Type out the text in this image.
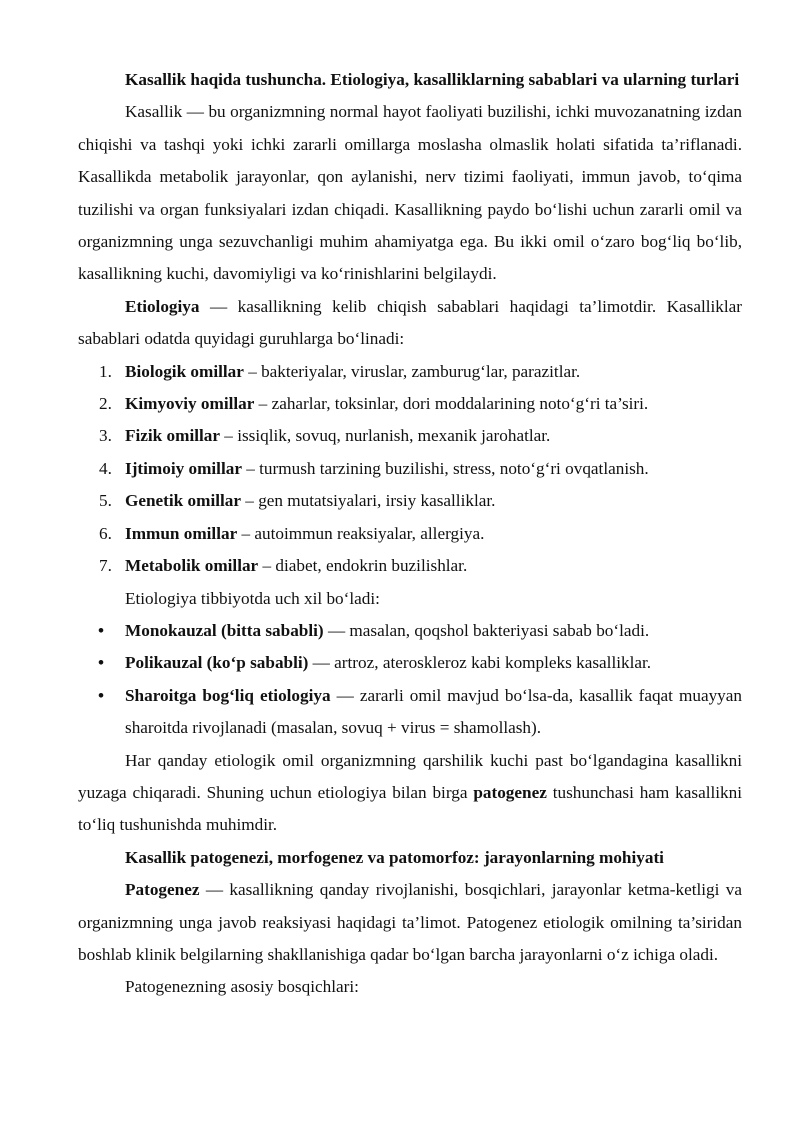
Kasallik haqida tushuncha. Etiologiya, kasalliklarning sabablari va ularning turlari

Kasallik — bu organizmning normal hayot faoliyati buzilishi, ichki muvozanatning izdan chiqishi va tashqi yoki ichki zararli omillarga moslasha olmaslik holati sifatida ta’riflanadi. Kasallikda metabolik jarayonlar, qon aylanishi, nerv tizimi faoliyati, immun javob, to‘qima tuzilishi va organ funksiyalari izdan chiqadi. Kasallikning paydo bo‘lishi uchun zararli omil va organizmning unga sezuvchanligi muhim ahamiyatga ega. Bu ikki omil o‘zaro bog‘liq bo‘lib, kasallikning kuchi, davomiyligi va ko‘rinishlarini belgilaydi.

Etiologiya — kasallikning kelib chiqish sabablari haqidagi ta’limotdir. Kasalliklar sabablari odatda quyidagi guruhlarga bo‘linadi:

1. Biologik omillar – bakteriyalar, viruslar, zamburug‘lar, parazitlar.
2. Kimyoviy omillar – zaharlar, toksinlar, dori moddalarining noto‘g‘ri ta’siri.
3. Fizik omillar – issiqlik, sovuq, nurlanish, mexanik jarohatlar.
4. Ijtimoiy omillar – turmush tarzining buzilishi, stress, noto‘g‘ri ovqatlanish.
5. Genetik omillar – gen mutatsiyalari, irsiy kasalliklar.
6. Immun omillar – autoimmun reaksiyalar, allergiya.
7. Metabolik omillar – diabet, endokrin buzilishlar.

Etiologiya tibbiyotda uch xil bo‘ladi:

• Monokauzal (bitta sababli) — masalan, qoqshol bakteriyasi sabab bo‘ladi.
• Polikauzal (ko‘p sababli) — artroz, ateroskleroz kabi kompleks kasalliklar.
• Sharoitga bog‘liq etiologiya — zararli omil mavjud bo‘lsa-da, kasallik faqat muayyan sharoitda rivojlanadi (masalan, sovuq + virus = shamollash).

Har qanday etiologik omil organizmning qarshilik kuchi past bo‘lgandagina kasallikni yuzaga chiqaradi. Shuning uchun etiologiya bilan birga patogenez tushunchasi ham kasallikni to‘liq tushunishda muhimdir.

Kasallik patogenezi, morfogenez va patomorfoz: jarayonlarning mohiyati

Patogenez — kasallikning qanday rivojlanishi, bosqichlari, jarayonlar ketma-ketligi va organizmning unga javob reaksiyasi haqidagi ta’limot. Patogenez etiologik omilning ta’siridan boshlab klinik belgilarning shakllanishiga qadar bo‘lgan barcha jarayonlarni o‘z ichiga oladi.

Patogenezning asosiy bosqichlari:
